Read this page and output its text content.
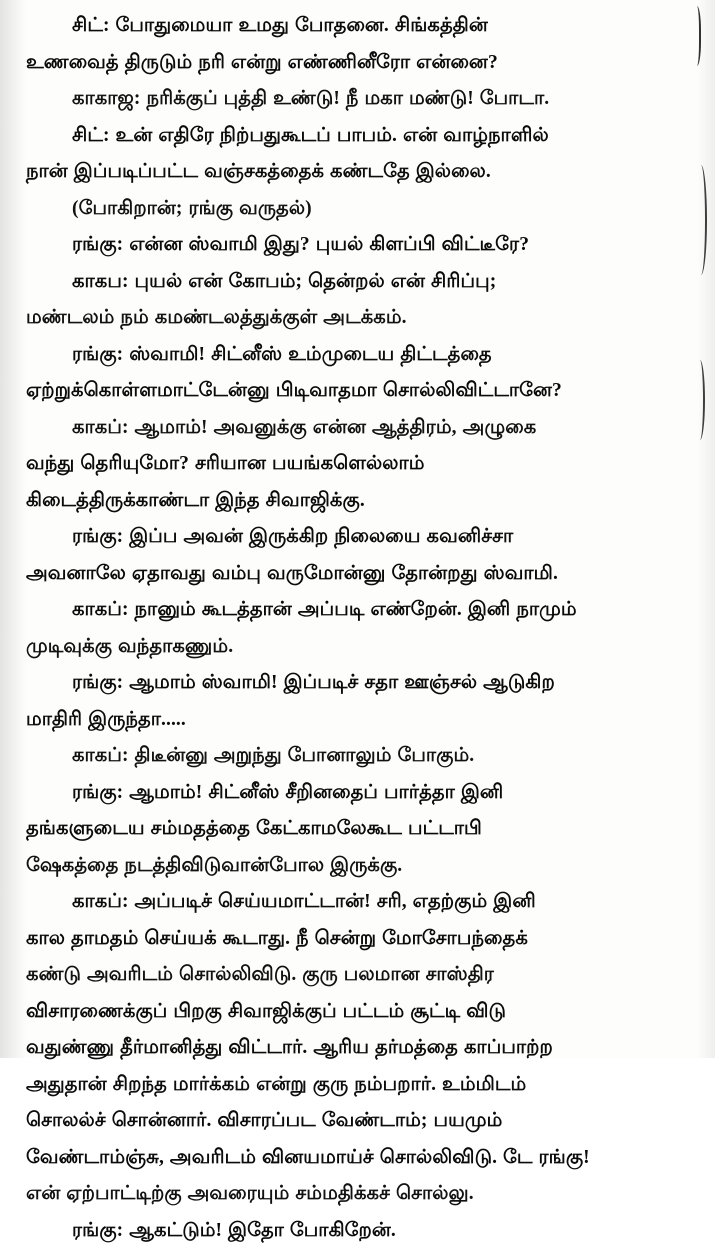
சிட்: போதுமையா உமது போதனை. சிங்கத்தின்

உணவைத் திருடும் நரி என்று எண்ணினீரோ என்னை?

காகாஜ: நரிக்குப் புத்தி உண்டு! நீ மகா மண்டு! போடா.

சிட்: உன் எதிரே நிற்பதுகூடப் பாபம். என் வாழ்நாளில்

நான் இப்படிப்பட்ட வஞ்சகத்தைக் கண்டதே இல்லை.

(போகிறான்; ரங்கு வருதல்)

ரங்கு: என்ன ஸ்வாமி இது? புயல் கிளப்பி விட்டீரே?

காகப: புயல் என் கோபம்; தென்றல் என் சிரிப்பு;

மண்டலம் நம் கமண்டலத்துக்குள் அடக்கம்.

ரங்கு: ஸ்வாமி! சிட்னீஸ் உம்முடைய திட்டத்தை

ஏற்றுக்கொள்ளமாட்டேன்னு பிடிவாதமா சொல்லிவிட்டானே?

காகப்: ஆமாம்! அவனுக்கு என்ன ஆத்திரம், அழுகை

வந்து தெரியுமோ? சரியான பயங்களெல்லாம்

கிடைத்திருக்காண்டா இந்த சிவாஜிக்கு.

ரங்கு: இப்ப அவன் இருக்கிற நிலையை கவனிச்சா

அவனாலே ஏதாவது வம்பு வருமோன்னு தோன்றது ஸ்வாமி.

காகப்: நானும் கூடத்தான் அப்படி எண்றேன். இனி நாமும்

முடிவுக்கு வந்தாகணும்.

ரங்கு: ஆமாம் ஸ்வாமி! இப்படிச் சதா ஊஞ்சல் ஆடுகிற

மாதிரி இருந்தா.....

காகப்: திடீன்னு அறுந்து போனாலும் போகும்.

ரங்கு: ஆமாம்! சிட்னீஸ் சீறினதைப் பார்த்தா இனி

தங்களுடைய சம்மதத்தை கேட்காமலேகூட பட்டாபி

ஷேகத்தை நடத்திவிடுவான்போல இருக்கு.

காகப்: அப்படிச் செய்யமாட்டான்! சரி, எதற்கும் இனி

கால தாமதம் செய்யக் கூடாது. நீ சென்று மோசோபந்தைக்

கண்டு அவரிடம் சொல்லிவிடு. குரு பலமான சாஸ்திர

விசாரணைக்குப் பிறகு சிவாஜிக்குப் பட்டம் சூட்டி விடு

வதுண்ணு தீர்மானித்து விட்டார். ஆரிய தர்மத்தை காப்பாற்ற

அதுதான் சிறந்த மார்க்கம் என்று குரு நம்பறார். உம்மிடம்

சொலல்ச் சொன்னார். விசாரப்பட வேண்டாம்; பயமும்

வேண்டாம்ஞ்சு, அவரிடம் வினயமாய்ச் சொல்லிவிடு. டே ரங்கு!

என் ஏற்பாட்டிற்கு அவரையும் சம்மதிக்கச் சொல்லு.

ரங்கு: ஆகட்டும்! இதோ போகிறேன்.
